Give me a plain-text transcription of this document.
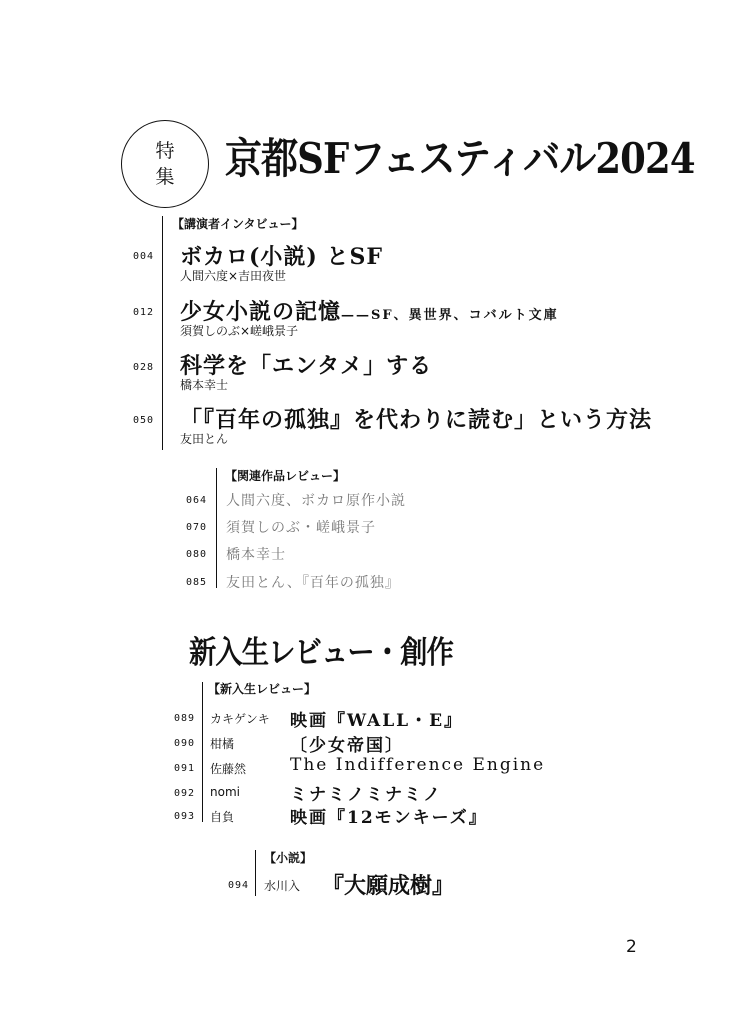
特
集 京都SFフェスティバル2024
【講演者インタビュー】
004 ボカロ(小説) とSF
人間六度×吉田夜世
012 少女小説の記憶——SF、異世界、コバルト文庫
須賀しのぶ×嵯峨景子
028 科学を「エンタメ」する
橋本幸士
050 「『百年の孤独』を代わりに読む」という方法
友田とん
【関連作品レビュー】
064 人間六度、ボカロ原作小説
070 須賀しのぶ・嵯峨景子
080 橋本幸士
085 友田とん、『百年の孤独』
新入生レビュー・創作
【新入生レビュー】
089 カキゲンキ 映画『WALL・E』
090 柑橘	〔少女帝国〕
091 佐藤然	The Indifference Engine
092 nomi	ミナミノミナミノ
093 自負	映画『12モンキーズ』
【小説】
094 水川入 『大願成樹』
2
